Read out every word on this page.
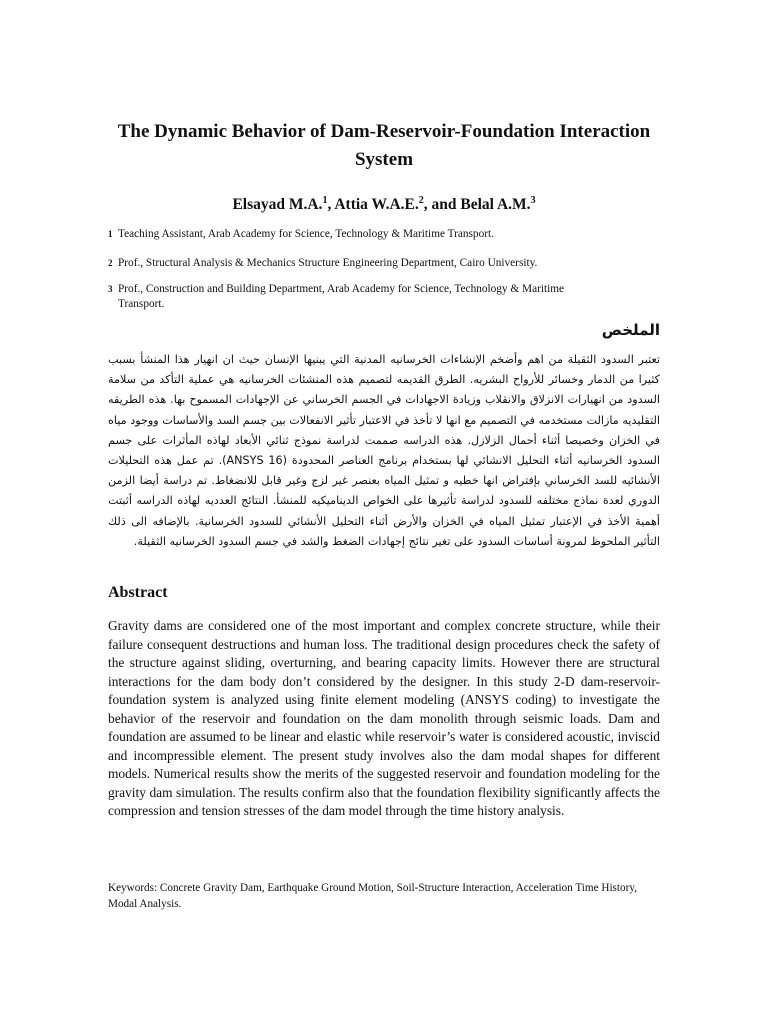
The Dynamic Behavior of Dam-Reservoir-Foundation Interaction System
Elsayad M.A.$^1$, Attia W.A.E.$^2$, and Belal A.M.$^3$
1 Teaching Assistant, Arab Academy for Science, Technology & Maritime Transport.
2 Prof., Structural Analysis & Mechanics Structure Engineering Department, Cairo University.
3 Prof., Construction and Building Department, Arab Academy for Science, Technology & Maritime
Transport.
الملخص
تعتبر السدود الثقيلة من اهم وأضخم الإنشاءات الخرسانيه المدنية التي يبنيها الإنسان حيث ان انهيار هذا المنشأ بسبب كثيرا من الدمار وخسائر للأرواح البشريه. الطرق القديمه لتصميم هذه المنشئات الخرسانيه هي عملية التأكد من سلامة السدود من انهيارات الانزلاق والانقلاب وزيادة الاجهادات في الجسم الخرساني عن الإجهادات المسموح بها. هذه الطريقه التقليديه مازالت مستخدمه في التصميم مع انها لا تأخذ في الاعتبار تأثير الانفعالات بين جسم السد والأساسات ووجود مياه في الخزان وخصيصا أثناء أحمال الزلازل. هذه الدراسه صممت لدراسة نموذج ثنائي الأبعاد لهاذه المأثرات على جسم السدود الخرسانيه أثناء التحليل الانشائي لها بستخدام برنامج العناصر المحدودة (ANSYS 16). تم عمل هذه التحليلات الأنشائيه للسد الخرساني بإفتراض انها خطيه و تمثيل المياه بعنصر غير لزج وغير قابل للانضغاط. تم دراسة أيضا الزمن الدوري لعدة نماذج مختلفه للسدود لدراسة تأثيرها على الخواص الديناميكيه للمنشأ. النتائج العدديه لهاذه الدراسه أثبتت أهمية الأخذ في الإعتبار تمثيل المياه في الخزان والأرض أثناء التحليل الأنشائي للسدود الخرسانية. بالإضافه الى ذلك التأثير الملحوظ لمرونة أساسات السدود على تغير نتائج إجهادات الضغط والشد في جسم السدود الخرسانيه الثقيلة.
Abstract
Gravity dams are considered one of the most important and complex concrete structure, while their failure consequent destructions and human loss. The traditional design procedures check the safety of the structure against sliding, overturning, and bearing capacity limits. However there are structural interactions for the dam body don’t considered by the designer. In this study 2-D dam-reservoir-foundation system is analyzed using finite element modeling (ANSYS coding) to investigate the behavior of the reservoir and foundation on the dam monolith through seismic loads. Dam and foundation are assumed to be linear and elastic while reservoir’s water is considered acoustic, inviscid and incompressible element. The present study involves also the dam modal shapes for different models. Numerical results show the merits of the suggested reservoir and foundation modeling for the gravity dam simulation. The results confirm also that the foundation flexibility significantly affects the compression and tension stresses of the dam model through the time history analysis.
Keywords: Concrete Gravity Dam, Earthquake Ground Motion, Soil-Structure Interaction, Acceleration Time History, Modal Analysis.
